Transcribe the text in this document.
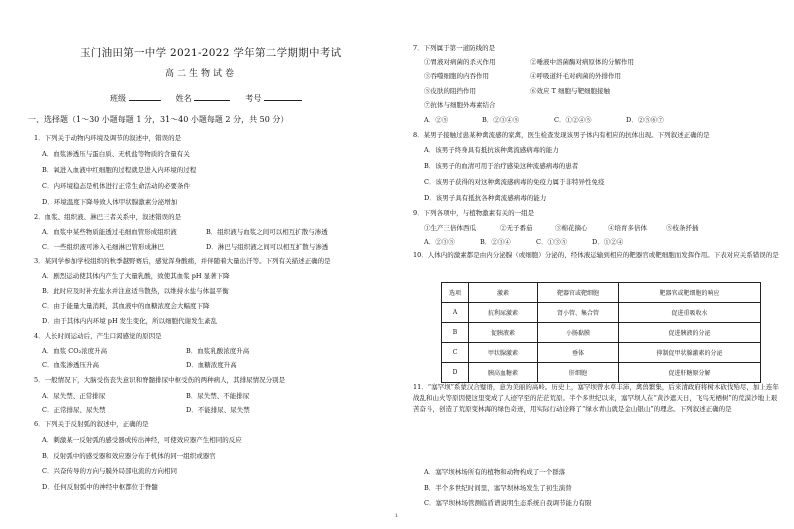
玉门油田第一中学 2021-2022 学年第二学期期中考试
高二生物试卷
班级	姓名	考号
一、选择题（1～30 小题每题 1 分，31～40 小题每题 2 分，共 50 分）
1．下列关于动物内环境及调节的叙述中，错误的是
A．血浆渗透压与蛋白质、无机盐等物质的含量有关
B．氧进入血液中红细胞的过程就是进入内环境的过程
C．内环境稳态是机体进行正常生命活动的必要条件
D．环境温度下降导致人体甲状腺激素分泌增加
2．血浆、组织液、淋巴三者关系中，叙述错误的是
A．血浆中某些物质能透过毛细血管形成组织液	B．组织液与血浆之间可以相互扩散与渗透
C．一些组织液可渗入毛细淋巴管形成淋巴	D．淋巴与组织液之间可以相互扩散与渗透
3．某同学参加学校组织的秋季越野赛后，感觉浑身酸痛，并伴随着大量出汗等。下列有关描述正确的是
A．剧烈运动使其体内产生了大量乳酸，致使其血浆 pH 显著下降
B．此时应及时补充盐水并注意适当散热，以维持水盐与体温平衡
C．由于能量大量消耗，其血液中的血糖浓度会大幅度下降
D．由于其体内内环境 pH 发生变化，所以细胞代谢发生紊乱
4．人长时间运动后，产生口渴感觉的原因是
A．血浆 CO₂浓度升高	B．血浆乳酸浓度升高
C．血浆渗透压升高	D．血糖浓度升高
5．一般情况下，大脑受伤丧失意识和脊髓排尿中枢受伤的两种病人，其排尿情况分别是
A．尿失禁、正常排尿	B．尿失禁、不能排尿
C．正常排尿、尿失禁	D．不能排尿、尿失禁
6．下列关于反射弧的叙述中，正确的是
A．刺激某一反射弧的感受器或传出神经，可使效应器产生相同的反应
B．反射弧中的感受器和效应器分布于机体的同一组织或器官
C．兴奋传导的方向与膜外局部电流的方向相同
D．任何反射弧中的神经中枢都位于脊髓
7．下列属于第一道防线的是
①胃液对病菌的杀灭作用	②唾液中溶菌酶对病原体的分解作用
③吞噬细胞的内吞作用	④呼吸道纤毛对病菌的外排作用
⑤皮肤的阻挡作用	⑥效应 T 细胞与靶细胞接触
⑦抗体与细胞外毒素结合
A．②⑤	B．②③④⑤	C．①②④⑤	D．②⑤⑥⑦
8．某男子接触过患某种禽流感的家禽，医生检查发现该男子体内有相应的抗体出现。下列叙述正确的是
A．该男子终身具有抵抗该种禽流感病毒的能力
B．该男子的血清可用于治疗感染这种流感病毒的患者
C．该男子获得的对这种禽流感病毒的免疫力属于非特异性免疫
D．该男子具有抵抗各种禽流感病毒的能力
9．下列各项中，与植物激素有关的一组是
①生产三倍体西瓜	②无子番茄	③棉花摘心	④培育多倍体	⑤枝条扦插
A．②③⑤	B．②③④	C．①③⑤	D．①②④
10．人体内的激素都是由内分泌腺（或细胞）分泌的，经体液运输到相应的靶器官或靶细胞而发挥作用。下表对应关系错误的是
选项	激素	靶器官或靶细胞	靶器官或靶细胞的响应
A	抗利尿激素	肾小管、集合管	促进重吸收水
B	促胰液素	小肠黏膜	促进胰液的分泌
C	甲状腺激素	垂体	抑制促甲状腺激素的分泌
D	胰高血糖素	肝细胞	促进肝糖原分解
11．“塞罕坝”系蒙汉合璧语，意为美丽的高岭。历史上，塞罕坝曾水草丰沛，禽兽繁集，后来清政府将树木砍伐殆尽，加上连年战乱和山火等原因使这里变成了人迹罕至的茫茫荒原。半个多世纪以来，塞罕坝人在“黄沙遮天日，飞鸟无栖树”的荒漠沙地上艰苦奋斗，创造了荒原变林海的绿色奇迹，用实际行动诠释了“绿水青山就是金山银山”的理念。下列叙述正确的是
A．塞罕坝林场所有的植物和动物构成了一个群落
B．半个多世纪时间里，塞罕坝林场发生了初生演替
C．塞罕坝林场管测临盾谱说明生态系统自我调节能力有限
1
